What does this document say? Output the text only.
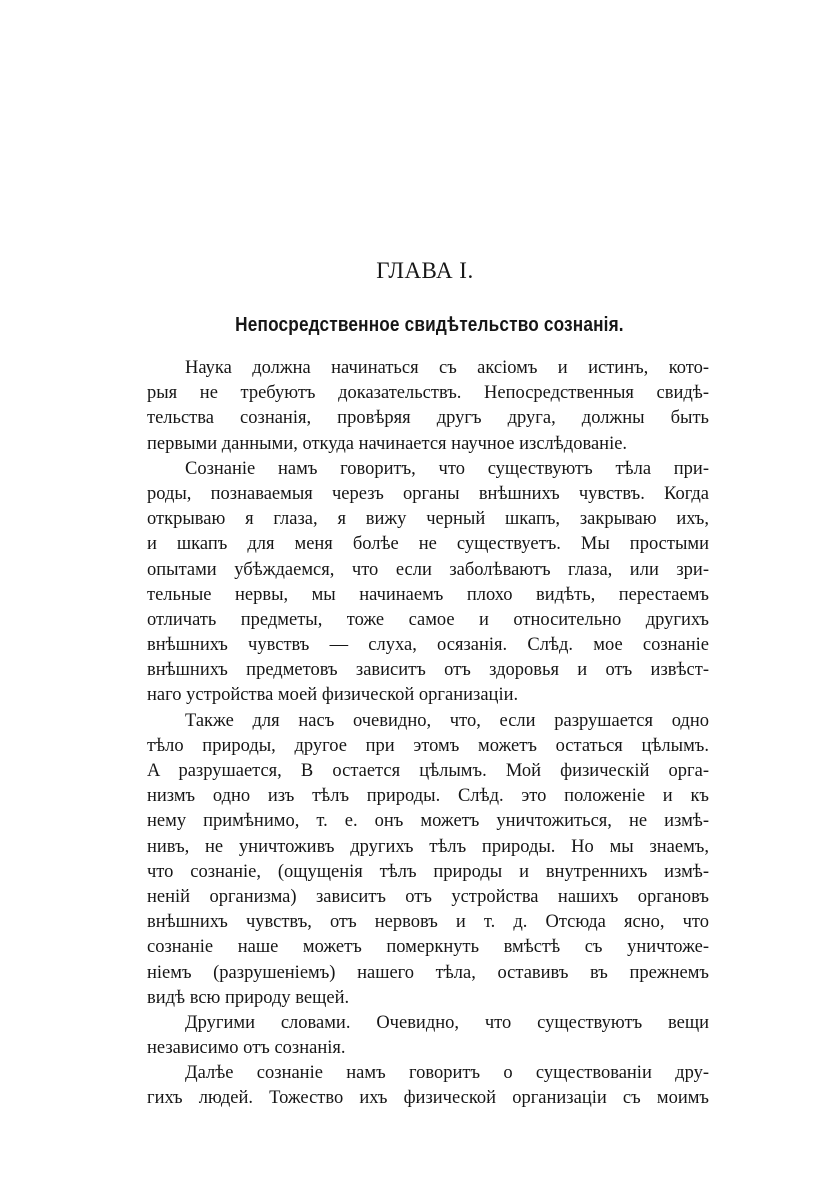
ГЛАВА I.
Непосредственное свидѣтельство сознанія.
Наука должна начинаться съ аксіомъ и истинъ, кото-
рыя не требуютъ доказательствъ. Непосредственныя свидѣ-
тельства сознанія, провѣряя другъ друга, должны быть
первыми данными, откуда начинается научное изслѣдованіе.
Сознаніе намъ говоритъ, что существуютъ тѣла при-
роды, познаваемыя черезъ органы внѣшнихъ чувствъ. Когда
открываю я глаза, я вижу черный шкапъ, закрываю ихъ,
и шкапъ для меня болѣе не существуетъ. Мы простыми
опытами убѣждаемся, что если заболѣваютъ глаза, или зри-
тельные нервы, мы начинаемъ плохо видѣть, перестаемъ
отличать предметы, тоже самое и относительно другихъ
внѣшнихъ чувствъ — слуха, осязанія. Слѣд. мое сознаніе
внѣшнихъ предметовъ зависитъ отъ здоровья и отъ извѣст-
наго устройства моей физической организаціи.
Также для насъ очевидно, что, если разрушается одно
тѣло природы, другое при этомъ можетъ остаться цѣлымъ.
A разрушается, B остается цѣлымъ. Мой физическій орга-
низмъ одно изъ тѣлъ природы. Слѣд. это положеніе и къ
нему примѣнимо, т. е. онъ можетъ уничтожиться, не измѣ-
нивъ, не уничтоживъ другихъ тѣлъ природы. Но мы знаемъ,
что сознаніе, (ощущенія тѣлъ природы и внутреннихъ измѣ-
неній организма) зависитъ отъ устройства нашихъ органовъ
внѣшнихъ чувствъ, отъ нервовъ и т. д. Отсюда ясно, что
сознаніе наше можетъ померкнуть вмѣстѣ съ уничтоже-
ніемъ (разрушеніемъ) нашего тѣла, оставивъ въ прежнемъ
видѣ всю природу вещей.
Другими словами. Очевидно, что существуютъ вещи
независимо отъ сознанія.
Далѣе сознаніе намъ говоритъ о существованіи дру-
гихъ людей. Тожество ихъ физической организаціи съ моимъ
